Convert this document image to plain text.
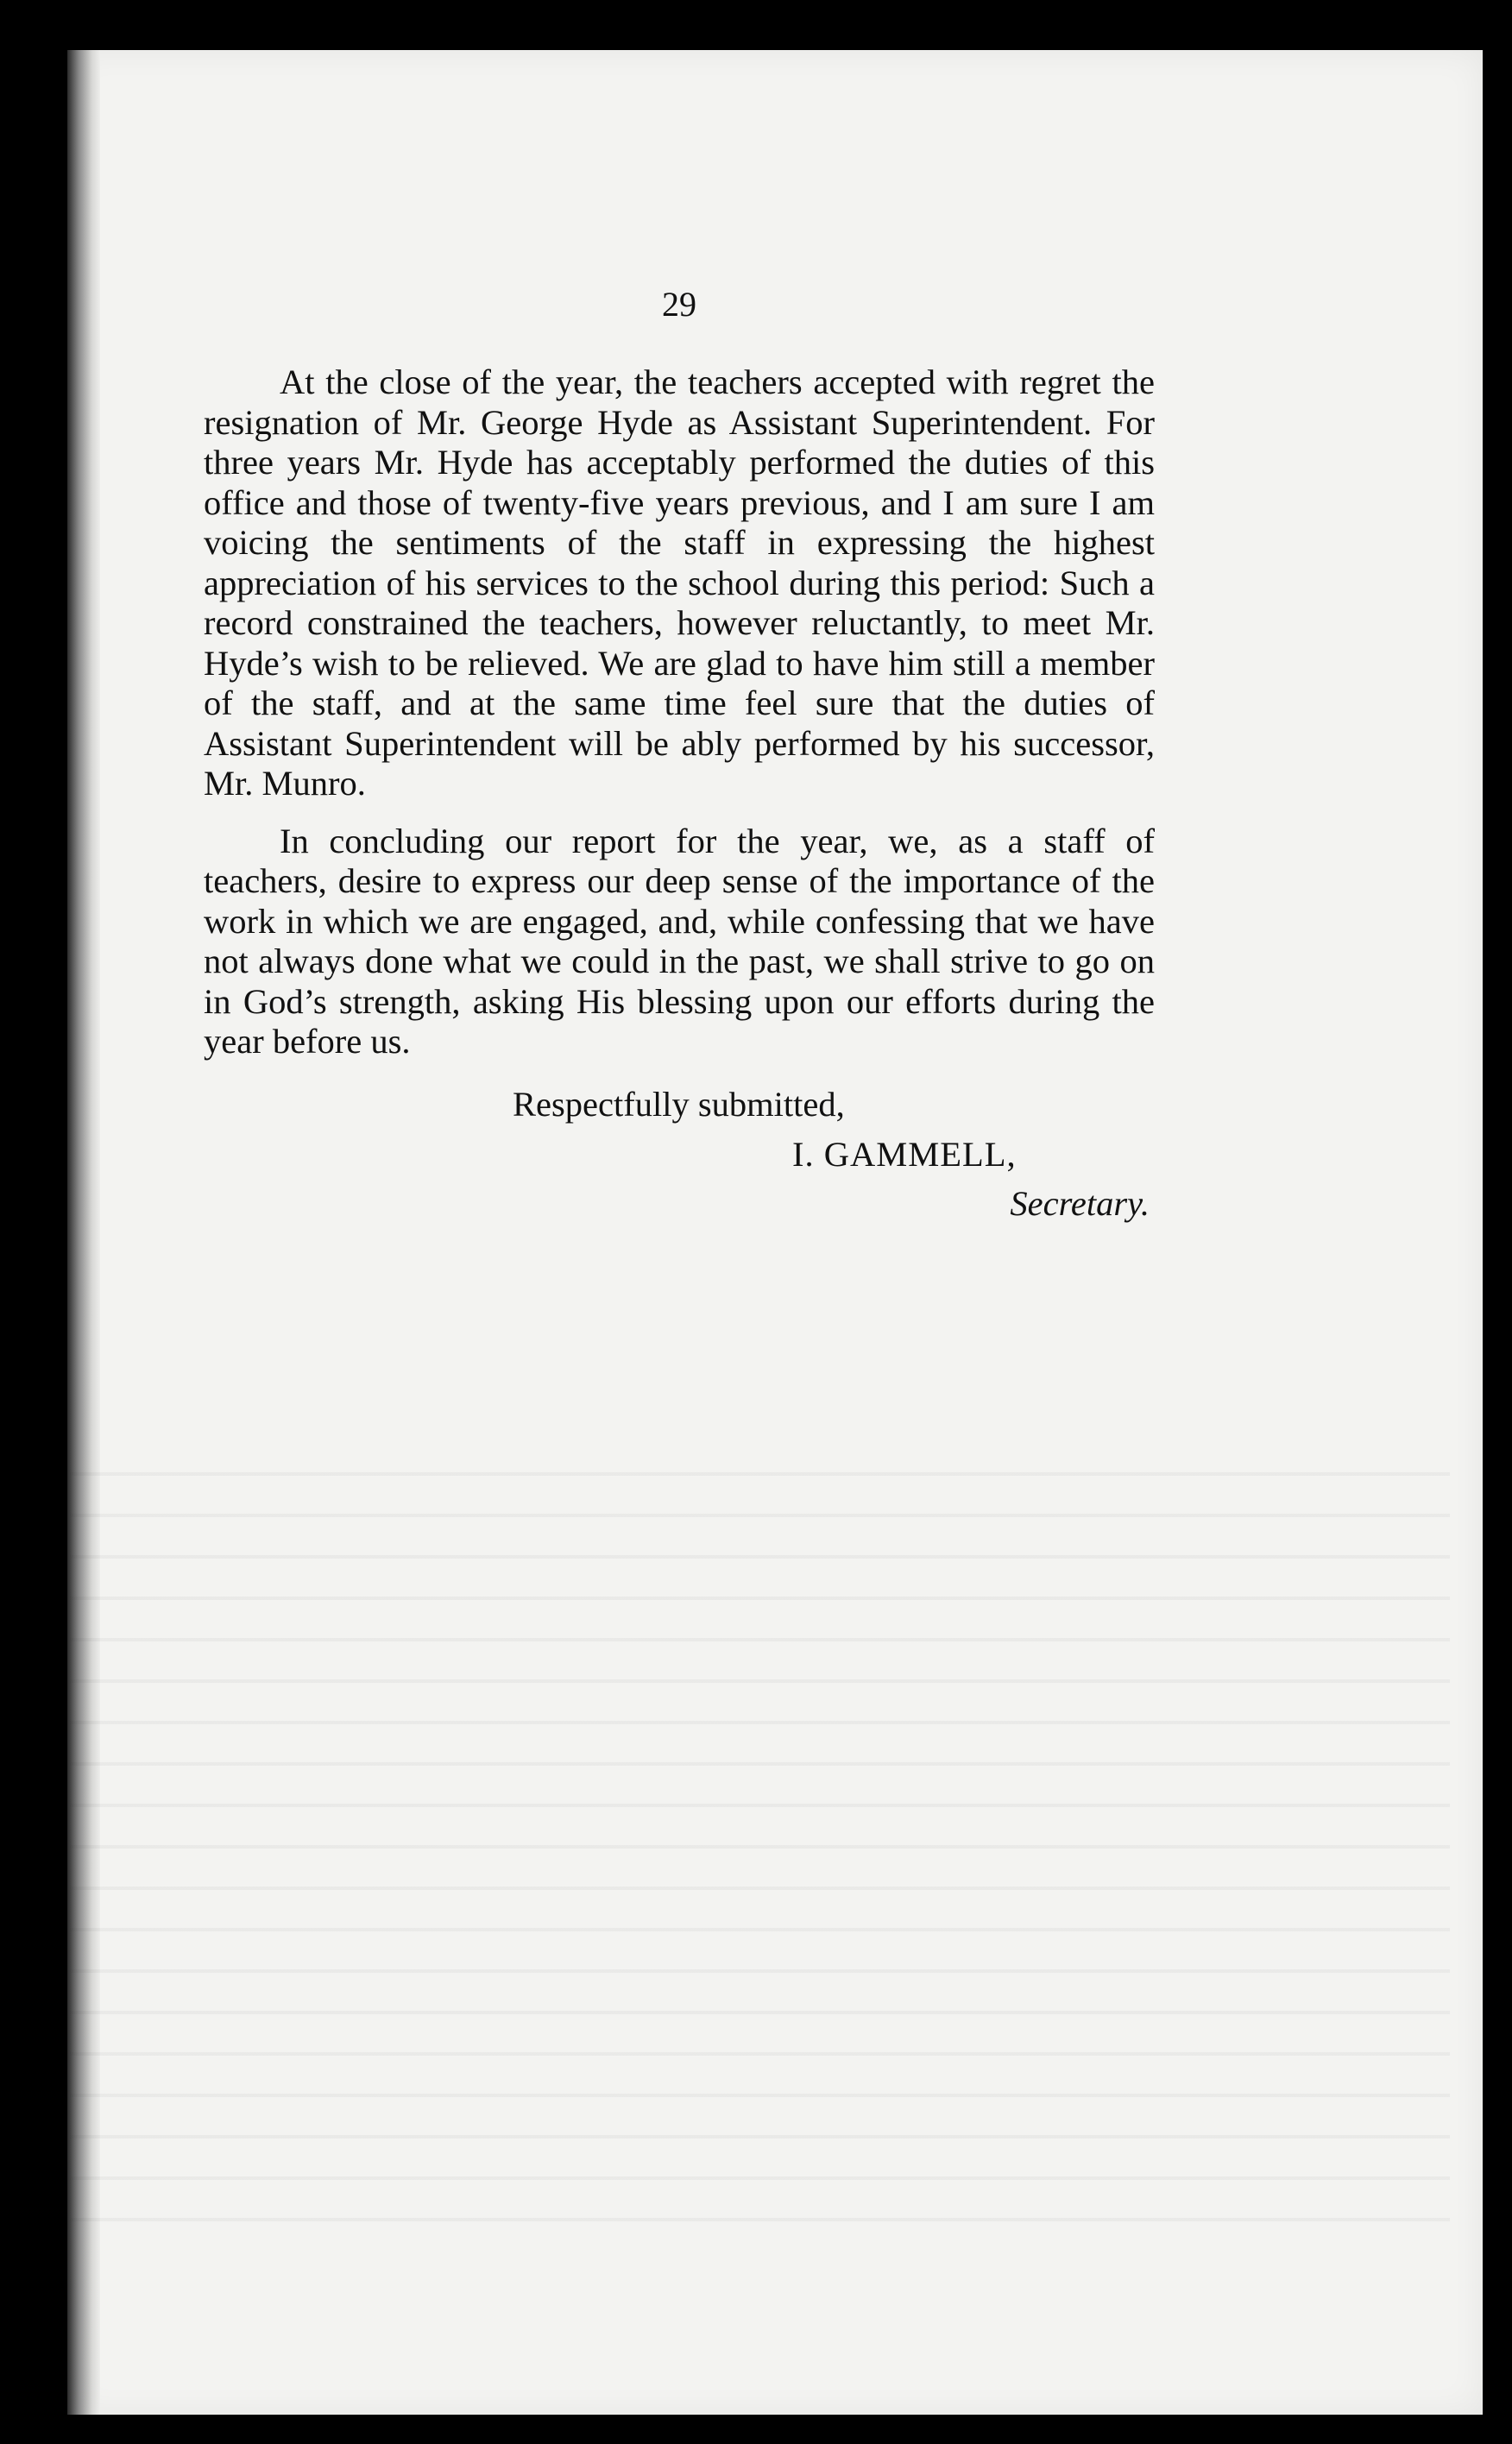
29

At the close of the year, the teachers accepted with regret the resignation of Mr. George Hyde as Assistant Superintendent. For three years Mr. Hyde has acceptably performed the duties of this office and those of twenty-five years previous, and I am sure I am voicing the sentiments of the staff in expressing the highest appreciation of his services to the school during this period: Such a record constrained the teachers, however reluctantly, to meet Mr. Hyde’s wish to be relieved. We are glad to have him still a member of the staff, and at the same time feel sure that the duties of Assistant Superintendent will be ably performed by his successor, Mr. Munro.

In concluding our report for the year, we, as a staff of teachers, desire to express our deep sense of the importance of the work in which we are engaged, and, while confessing that we have not always done what we could in the past, we shall strive to go on in God’s strength, asking His blessing upon our efforts during the year before us.

Respectfully submitted,
I. GAMMELL,
Secretary.
